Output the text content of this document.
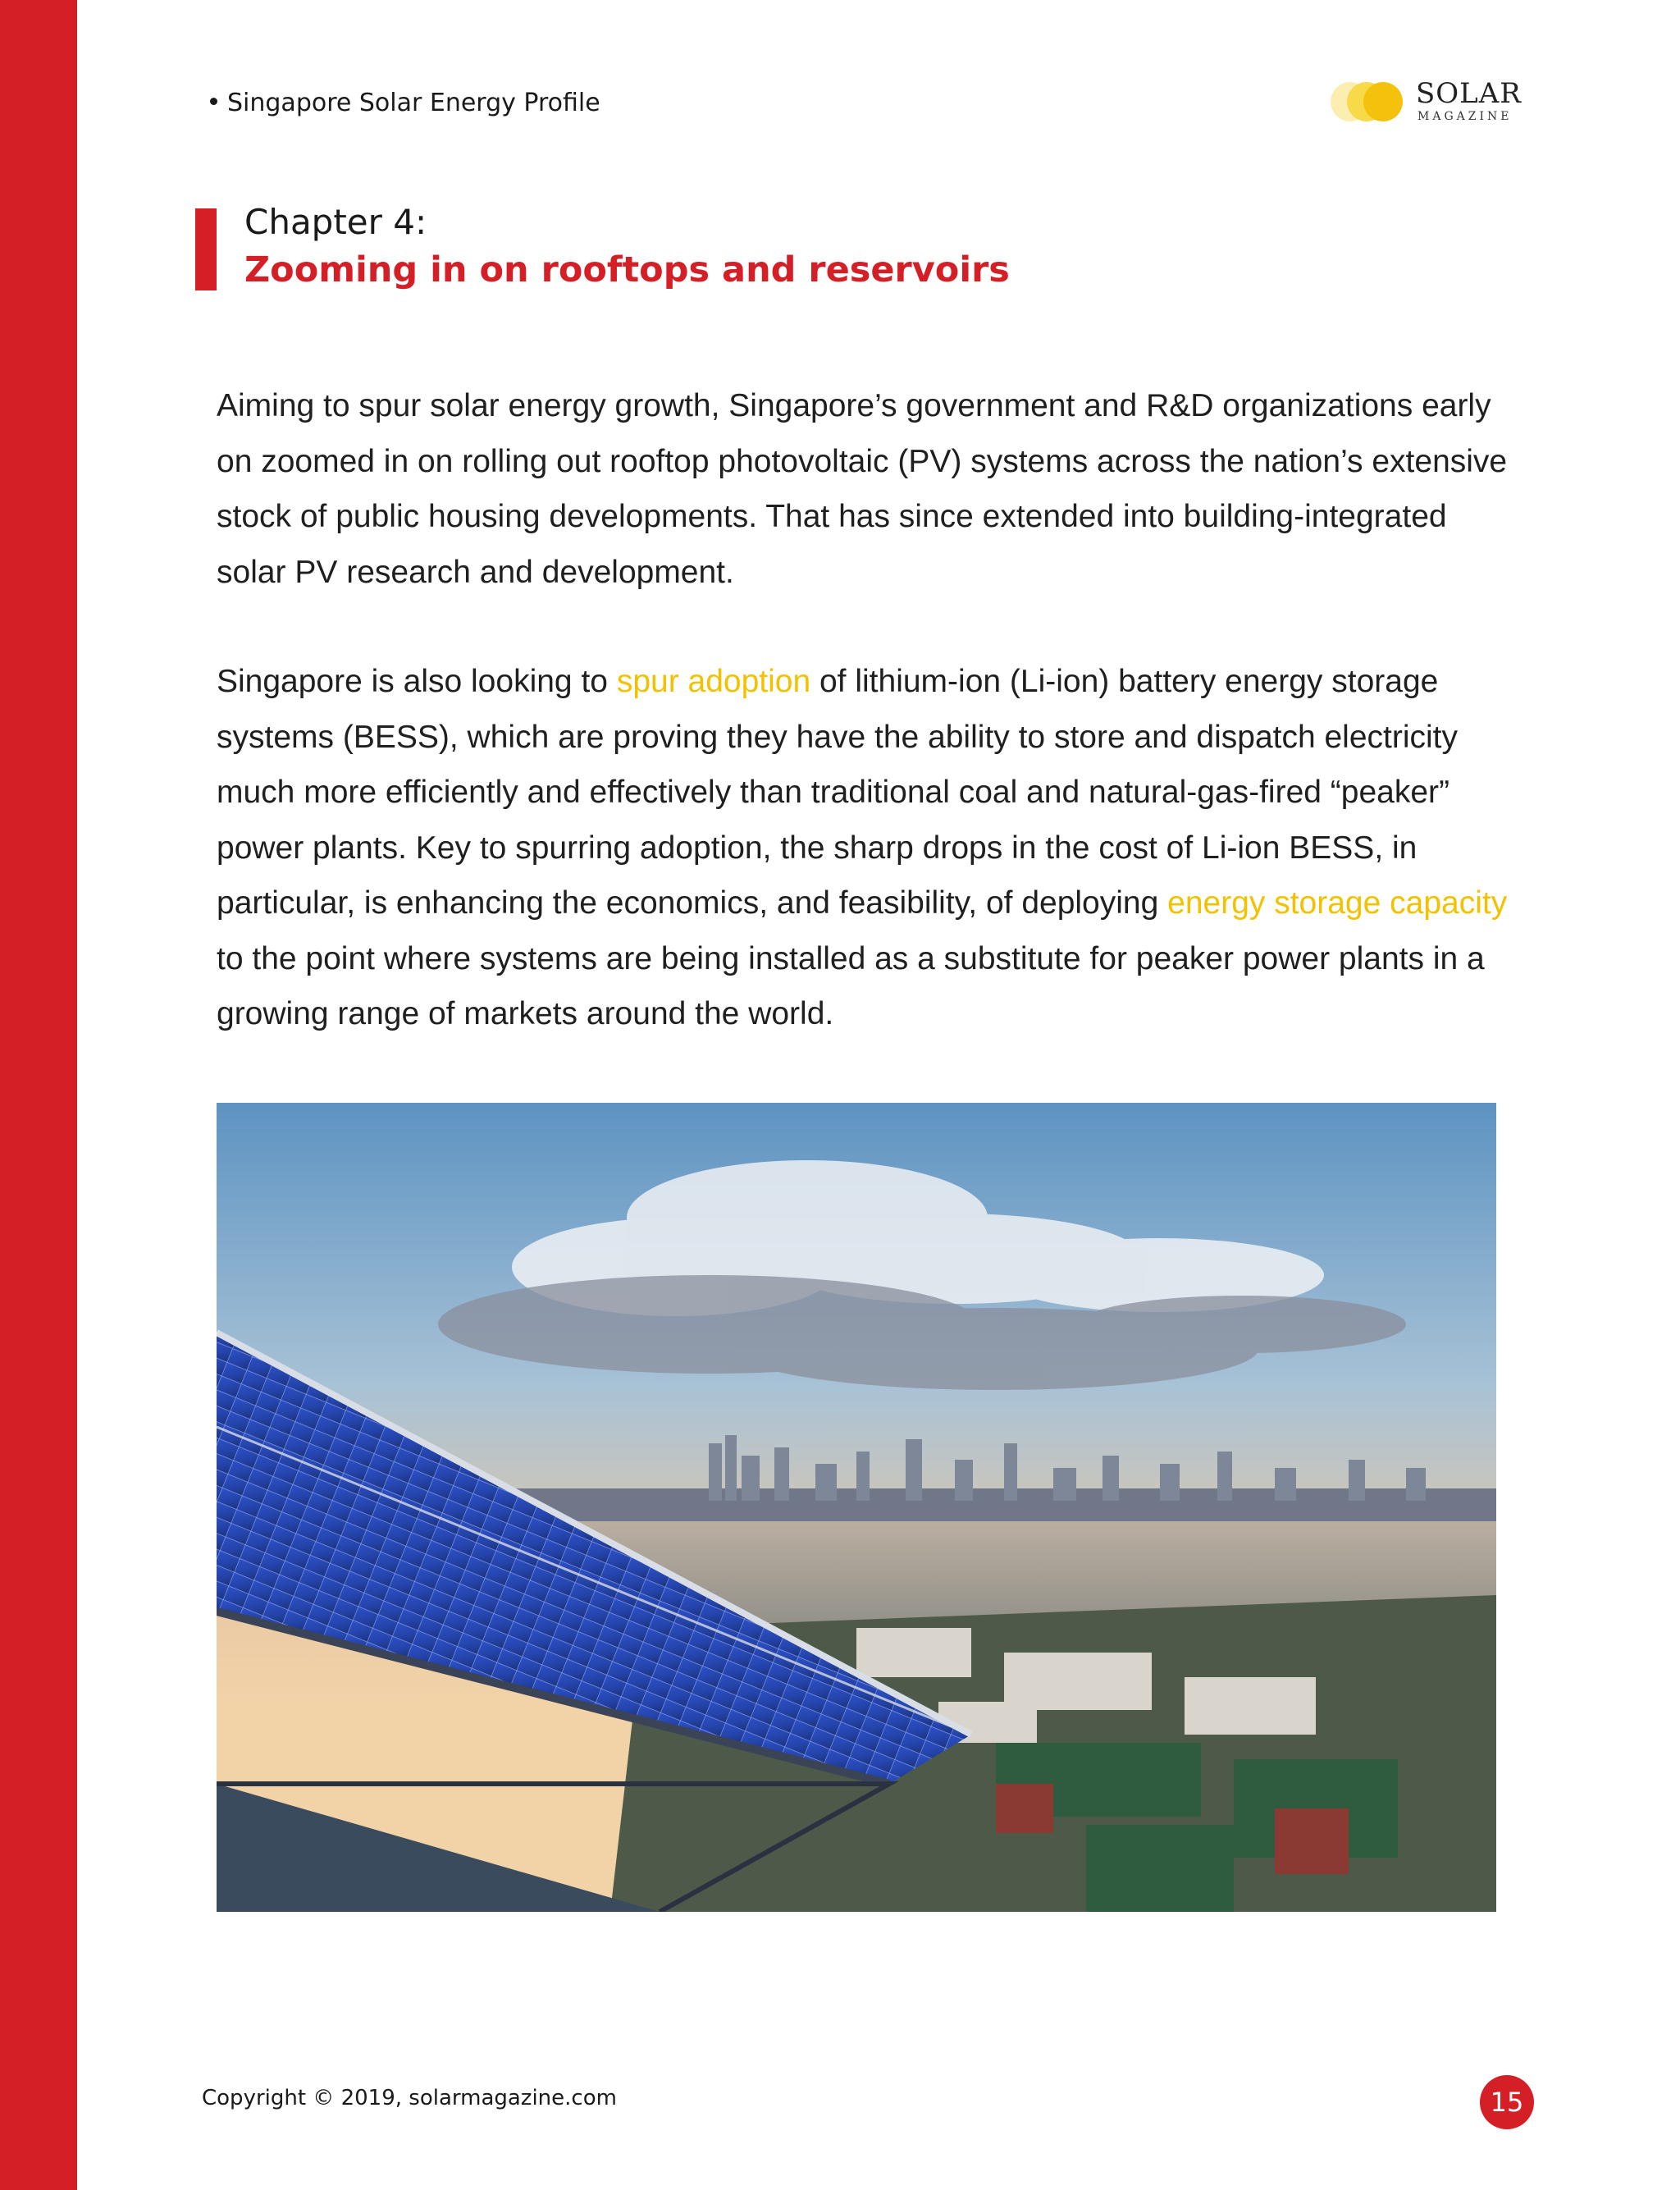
Singapore Solar Energy Profile	SOLAR
MAGAZINE
Chapter 4:
Zooming in on rooftops and reservoirs

Aiming to spur solar energy growth, Singapore’s government and R&D organizations early on zoomed in on rolling out rooftop photovoltaic (PV) systems across the nation’s extensive stock of public housing developments. That has since extended into building-integrated solar PV research and development.

Singapore is also looking to spur adoption of lithium-ion (Li-ion) battery energy storage systems (BESS), which are proving they have the ability to store and dispatch electricity much more efficiently and effectively than traditional coal and natural-gas-fired “peaker” power plants. Key to spurring adoption, the sharp drops in the cost of Li-ion BESS, in particular, is enhancing the economics, and feasibility, of deploying energy storage capacity to the point where systems are being installed as a substitute for peaker power plants in a growing range of markets around the world.

Copyright © 2019, solarmagazine.com	15
